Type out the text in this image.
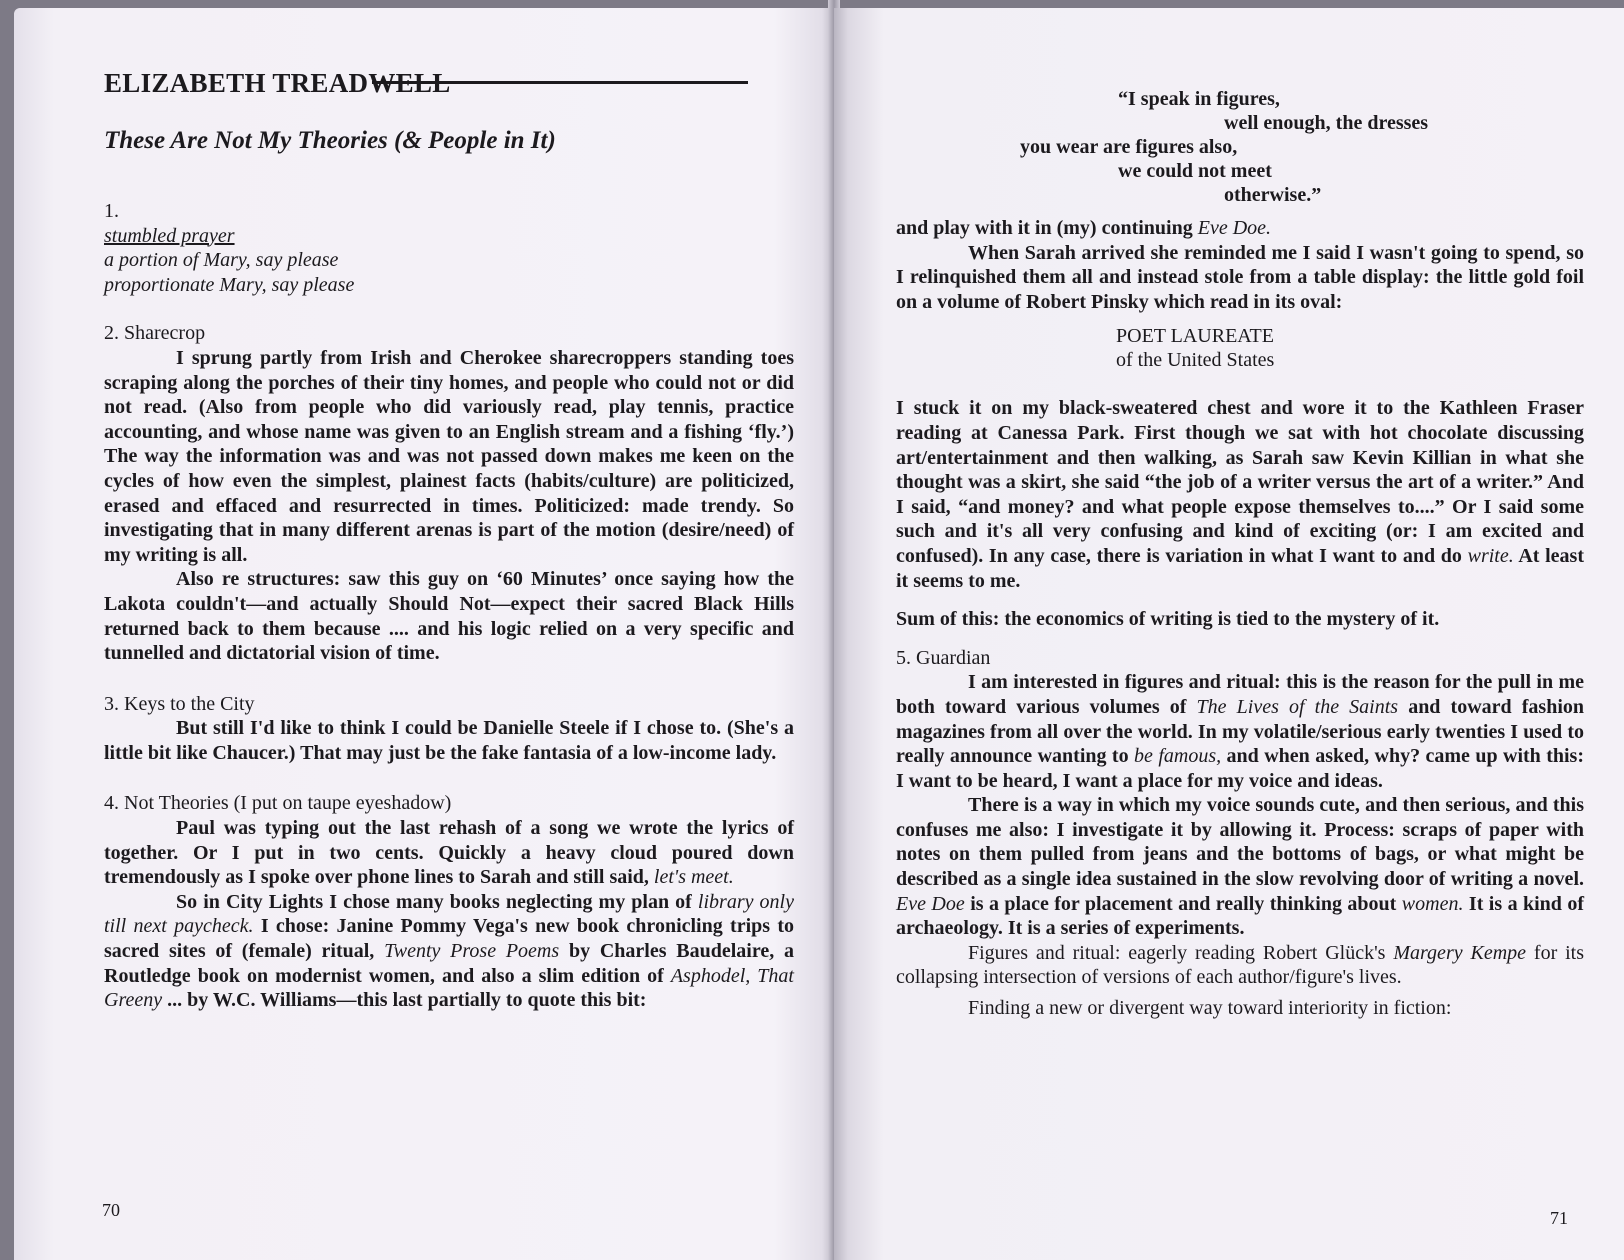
ELIZABETH TREADWELL
These Are Not My Theories (& People in It)
1.
stumbled prayer
a portion of Mary, say please
proportionate Mary, say please
2. Sharecrop

I sprung partly from Irish and Cherokee sharecroppers standing toes scraping along the porches of their tiny homes, and people who could not or did not read. (Also from people who did variously read, play tennis, practice accounting, and whose name was given to an English stream and a fishing ‘fly.’) The way the information was and was not passed down makes me keen on the cycles of how even the simplest, plainest facts (habits/culture) are politicized, erased and effaced and resurrected in times. Politicized: made trendy. So investigating that in many different arenas is part of the motion (desire/need) of my writing is all.

Also re structures: saw this guy on ‘60 Minutes’ once saying how the Lakota couldn't—and actually Should Not—expect their sacred Black Hills returned back to them because .... and his logic relied on a very specific and tunnelled and dictatorial vision of time.

3. Keys to the City

But still I'd like to think I could be Danielle Steele if I chose to. (She's a little bit like Chaucer.) That may just be the fake fantasia of a low-income lady.

4. Not Theories (I put on taupe eyeshadow)

Paul was typing out the last rehash of a song we wrote the lyrics of together. Or I put in two cents. Quickly a heavy cloud poured down tremendously as I spoke over phone lines to Sarah and still said, let's meet.

So in City Lights I chose many books neglecting my plan of library only till next paycheck. I chose: Janine Pommy Vega's new book chronicling trips to sacred sites of (female) ritual, Twenty Prose Poems by Charles Baudelaire, a Routledge book on modernist women, and also a slim edition of Asphodel, That Greeny ... by W.C. Williams—this last partially to quote this bit:

70
“I speak in figures,
well enough, the dresses
you wear are figures also,
we could not meet
otherwise.”

and play with it in (my) continuing Eve Doe.

When Sarah arrived she reminded me I said I wasn't going to spend, so I relinquished them all and instead stole from a table display: the little gold foil on a volume of Robert Pinsky which read in its oval:

POET LAUREATE
of the United States

I stuck it on my black-sweatered chest and wore it to the Kathleen Fraser reading at Canessa Park. First though we sat with hot chocolate discussing art/entertainment and then walking, as Sarah saw Kevin Killian in what she thought was a skirt, she said “the job of a writer versus the art of a writer.” And I said, “and money? and what people expose themselves to....” Or I said some such and it's all very confusing and kind of exciting (or: I am excited and confused). In any case, there is variation in what I want to and do write. At least it seems to me.

Sum of this: the economics of writing is tied to the mystery of it.

5. Guardian

I am interested in figures and ritual: this is the reason for the pull in me both toward various volumes of The Lives of the Saints and toward fashion magazines from all over the world. In my volatile/serious early twenties I used to really announce wanting to be famous, and when asked, why? came up with this: I want to be heard, I want a place for my voice and ideas.

There is a way in which my voice sounds cute, and then serious, and this confuses me also: I investigate it by allowing it. Process: scraps of paper with notes on them pulled from jeans and the bottoms of bags, or what might be described as a single idea sustained in the slow revolving door of writing a novel. Eve Doe is a place for placement and really thinking about women. It is a kind of archaeology. It is a series of experiments.

Figures and ritual: eagerly reading Robert Glück's Margery Kempe for its collapsing intersection of versions of each author/figure's lives.

Finding a new or divergent way toward interiority in fiction:

71
